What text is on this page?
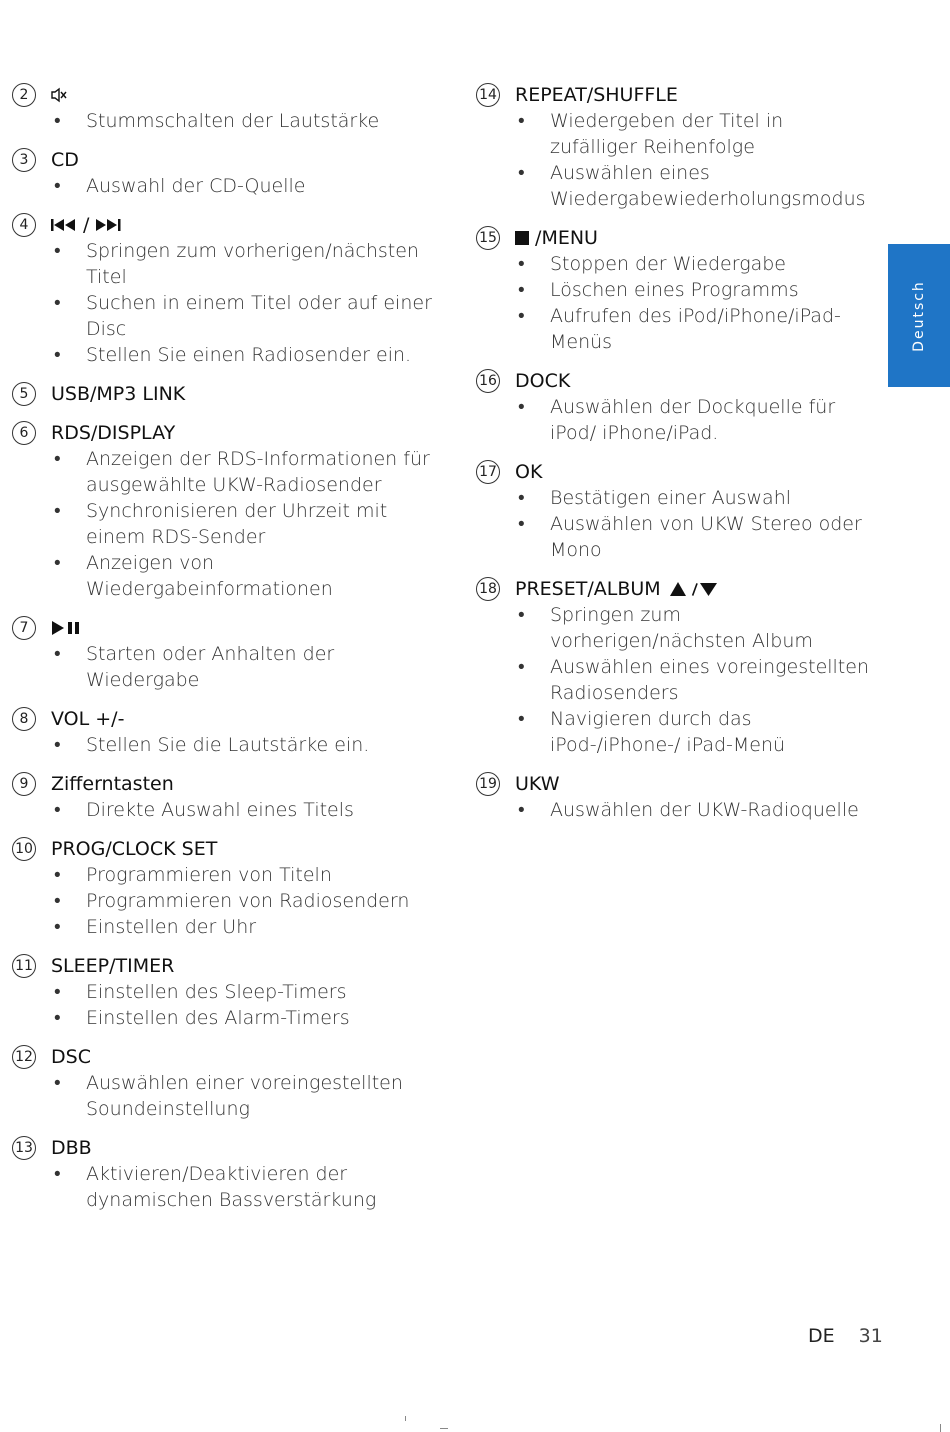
2
• Stummschalten der Lautstärke
3	CD
• Auswahl der CD-Quelle
4	/
• Springen zum vorherigen/nächsten Titel
• Suchen in einem Titel oder auf einer Disc
• Stellen Sie einen Radiosender ein.
5	USB/MP3 LINK
6	RDS/DISPLAY
• Anzeigen der RDS-Informationen für ausgewählte UKW-Radiosender
• Synchronisieren der Uhrzeit mit einem RDS-Sender
• Anzeigen von Wiedergabeinformationen
7
• Starten oder Anhalten der Wiedergabe
8	VOL +/-
• Stellen Sie die Lautstärke ein.
9	Zifferntasten
• Direkte Auswahl eines Titels
10 PROG/CLOCK SET
• Programmieren von Titeln
• Programmieren von Radiosendern
• Einstellen der Uhr
11 SLEEP/TIMER
• Einstellen des Sleep-Timers
• Einstellen des Alarm-Timers
12 DSC
• Auswählen einer voreingestellten Soundeinstellung
13 DBB
• Aktivieren/Deaktivieren der dynamischen Bassverstärkung
14 REPEAT/SHUFFLE
• Wiedergeben der Titel in zufälliger Reihenfolge
• Auswählen eines Wiedergabewiederholungsmodus
15 /MENU
• Stoppen der Wiedergabe
• Löschen eines Programms
• Aufrufen des iPod/iPhone/iPad-Menüs
16 DOCK
• Auswählen der Dockquelle für iPod/ iPhone/iPad.
17 OK
• Bestätigen einer Auswahl
• Auswählen von UKW Stereo oder Mono
18 PRESET/ALBUM
• Springen zum vorherigen/nächsten Album
• Auswählen eines voreingestellten Radiosenders
• Navigieren durch das iPod-/iPhone-/ iPad-Menü
19 UKW
• Auswählen der UKW-Radioquelle
Deutsch
DE 31
